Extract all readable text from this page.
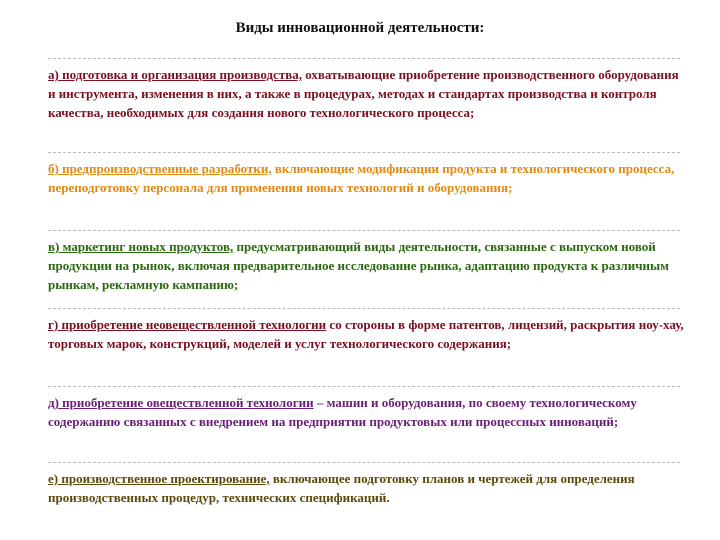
Виды инновационной деятельности:
а) подготовка и организация производства, охватывающие приобретение производственного оборудования и инструмента, изменения в них, а также в процедурах, методах и стандартах производства и контроля качества, необходимых для создания нового технологического процесса;
б) предпроизводственные разработки, включающие модификации продукта и технологического процесса, переподготовку персонала для применения новых технологий и оборудования;
в) маркетинг новых продуктов, предусматривающий виды деятельности, связанные с выпуском новой продукции на рынок, включая предварительное исследование рынка, адаптацию продукта к различным рынкам, рекламную кампанию;
г) приобретение неовеществленной технологии со стороны в форме патентов, лицензий, раскрытия ноу-хау, торговых марок, конструкций, моделей и услуг технологического содержания;
д) приобретение овеществленной технологии – машин и оборудования, по своему технологическому содержанию связанных с внедрением на предприятии продуктовых или процессных инноваций;
е) производственное проектирование, включающее подготовку планов и чертежей для определения производственных процедур, технических спецификаций.
